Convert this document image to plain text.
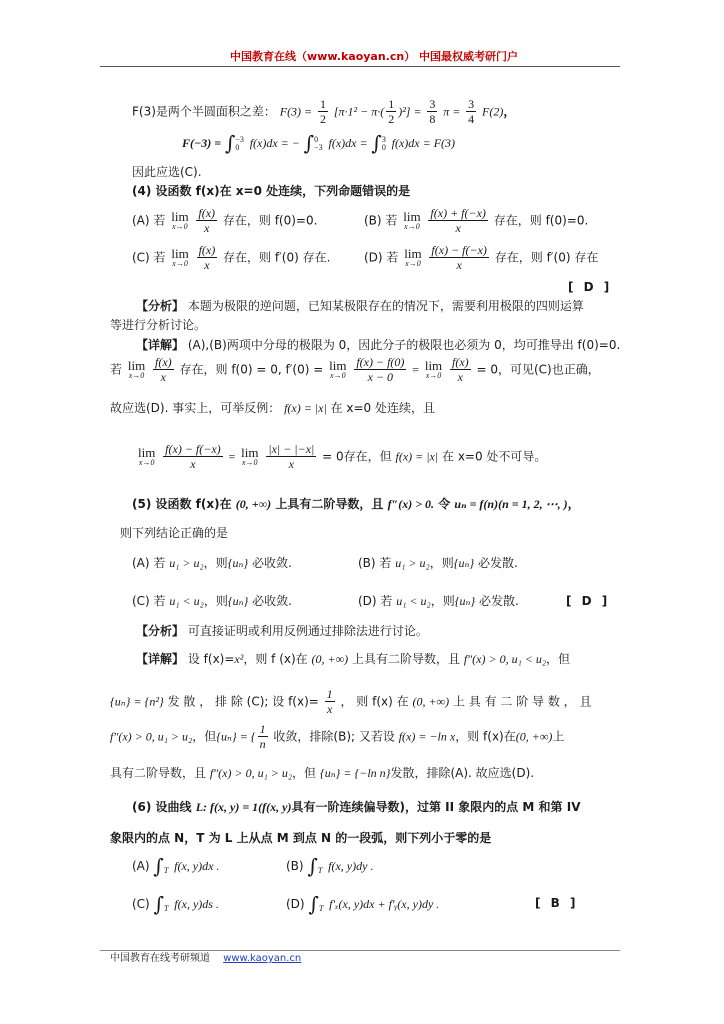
中国教育在线（www.kaoyan.cn） 中国最权威考研门户
F(3)是两个半圆面积之差： $F(3) = \frac{1}{2} [\pi\cdot 1^2 - \pi\cdot( \frac{1}{2} )^2] = \frac{3}{8}$ $\pi = \frac{3}{4} F(2)$，
F(−3) = ∫ −3
0 f(x)dx = − ∫ 0
−3 f(x)dx = ∫ 3
0 f(x)dx = F(3)
因此应选(C).
(4) 设函数 f(x)在 x=0 处连续，下列命题错误的是
(A) 若 lim
x→0
$\frac{f(x)}{x}$ 存在，则 f(0)=0.	(B) 若 lim
x→0
$\frac{f(x) + f(-x)}{x}$ 存在，则 f(0)=0.
(C) 若 lim
x→0
$\frac{f(x)}{x}$ 存在，则 f′(0) 存在.	(D) 若 lim
x→0
$\frac{f(x) - f(-x)}{x}$ 存在，则 f′(0) 存在
[ D ]
【分析】 本题为极限的逆问题，已知某极限存在的情况下，需要利用极限的四则运算
等进行分析讨论。
【详解】 (A),(B)两项中分母的极限为 0，因此分子的极限也必须为 0，均可推导出 f(0)=0.
若 lim
x→0
$\frac{f(x)}{x}$ 存在，则 f(0) = 0, f′(0) = lim
x→0
$\frac{f(x) - f(0)}{x - 0} = \lim$
x→0
$\frac{f(x)}{x} = 0$，可见(C)也正确，
故应选(D). 事实上，可举反例： f(x) = |x| 在 x=0 处连续，且
lim
x→0
$\frac{f(x) - f(-x)}{x} = \lim$
x→0
$\frac{|x| - |-x|}{x} = 0$存在，但 f(x) = |x| 在 x=0 处不可导。
(5) 设函数 f(x)在 (0, +∞) 上具有二阶导数，且 f″(x) > 0. 令 uₙ = f(n)(n = 1, 2, ⋯, )，
则下列结论正确的是
(A) 若 u₁ > u₂，则{uₙ} 必收敛.	(B) 若 u₁ > u₂，则{uₙ} 必发散.
(C) 若 u₁ < u₂，则{uₙ} 必收敛.	(D) 若 u₁ < u₂，则{uₙ} 必发散.	[ D ]
【分析】 可直接证明或利用反例通过排除法进行讨论。
【详解】 设 f(x)=x²，则 f (x)在 (0, +∞) 上具有二阶导数，且 f″(x) > 0, u₁ < u₂，但
{uₙ} = {n²} 发 散 ， 排 除 (C); 设 $f(x)= \frac{1}{x}$ ， 则 f(x) 在 (0, +∞) 上 具 有 二 阶 导 数 ， 且
f″(x) > 0, u₁ > u₂，但{uₙ} = { $\frac{1}{n}$ 收敛，排除(B); 又若设 f(x) = −ln x，则 f(x)在(0, +∞)上
具有二阶导数，且 f″(x) > 0, u₁ > u₂，但 {uₙ} = {−ln n}发散，排除(A). 故应选(D).
(6) 设曲线 L: f(x, y) = 1(f(x, y)具有一阶连续偏导数)，过第 II 象限内的点 M 和第 IV
象限内的点 N，T 为 L 上从点 M 到点 N 的一段弧，则下列小于零的是
(A) ∫
T f(x, y)dx .	(B) ∫
T f(x, y)dy .
(C) ∫
T f(x, y)ds .	(D) ∫
T f′ₓ(x, y)dx + f′ᵧ(x, y)dy .	[ B ]
中国教育在线考研频道 www.kaoyan.cn
